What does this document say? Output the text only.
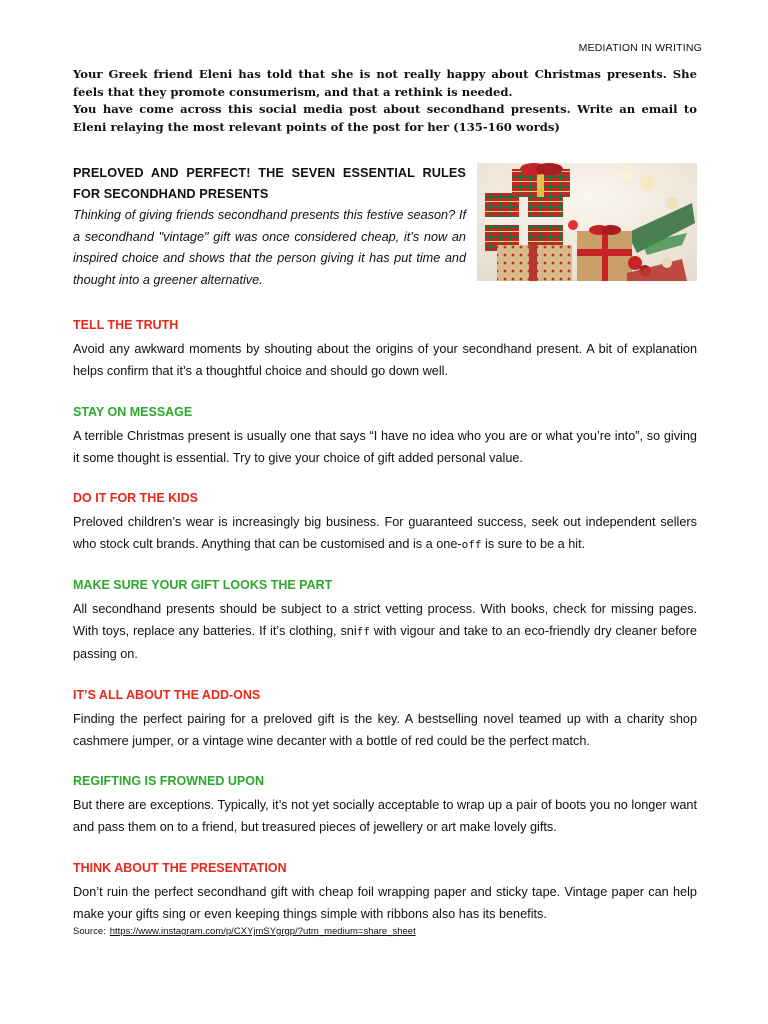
MEDIATION IN WRITING

Your Greek friend Eleni has told that she is not really happy about Christmas presents. She feels that they promote consumerism, and that a rethink is needed.

You have come across this social media post about secondhand presents. Write an email to Eleni relaying the most relevant points of the post for her (135-160 words)

PRELOVED AND PERFECT! THE SEVEN ESSENTIAL RULES FOR SECONDHAND PRESENTS

Thinking of giving friends secondhand presents this festive season? If a secondhand "vintage" gift was once considered cheap, it’s now an inspired choice and shows that the person giving it has put time and thought into a greener alternative.

TELL THE TRUTH

Avoid any awkward moments by shouting about the origins of your secondhand present. A bit of explanation helps confirm that it’s a thoughtful choice and should go down well.

STAY ON MESSAGE

A terrible Christmas present is usually one that says “I have no idea who you are or what you’re into”, so giving it some thought is essential. Try to give your choice of gift added personal value.

DO IT FOR THE KIDS

Preloved children’s wear is increasingly big business. For guaranteed success, seek out independent sellers who stock cult brands. Anything that can be customised and is a one-off is sure to be a hit.

MAKE SURE YOUR GIFT LOOKS THE PART

All secondhand presents should be subject to a strict vetting process. With books, check for missing pages. With toys, replace any batteries. If it’s clothing, sniff with vigour and take to an eco-friendly dry cleaner before passing on.

IT’S ALL ABOUT THE ADD-ONS

Finding the perfect pairing for a preloved gift is the key. A bestselling novel teamed up with a charity shop cashmere jumper, or a vintage wine decanter with a bottle of red could be the perfect match.

REGIFTING IS FROWNED UPON

But there are exceptions. Typically, it’s not yet socially acceptable to wrap up a pair of boots you no longer want and pass them on to a friend, but treasured pieces of jewellery or art make lovely gifts.

THINK ABOUT THE PRESENTATION

Don’t ruin the perfect secondhand gift with cheap foil wrapping paper and sticky tape. Vintage paper can help make your gifts sing or even keeping things simple with ribbons also has its benefits.

Source: https://www.instagram.com/p/CXYjmSYgrgp/?utm_medium=share_sheet
